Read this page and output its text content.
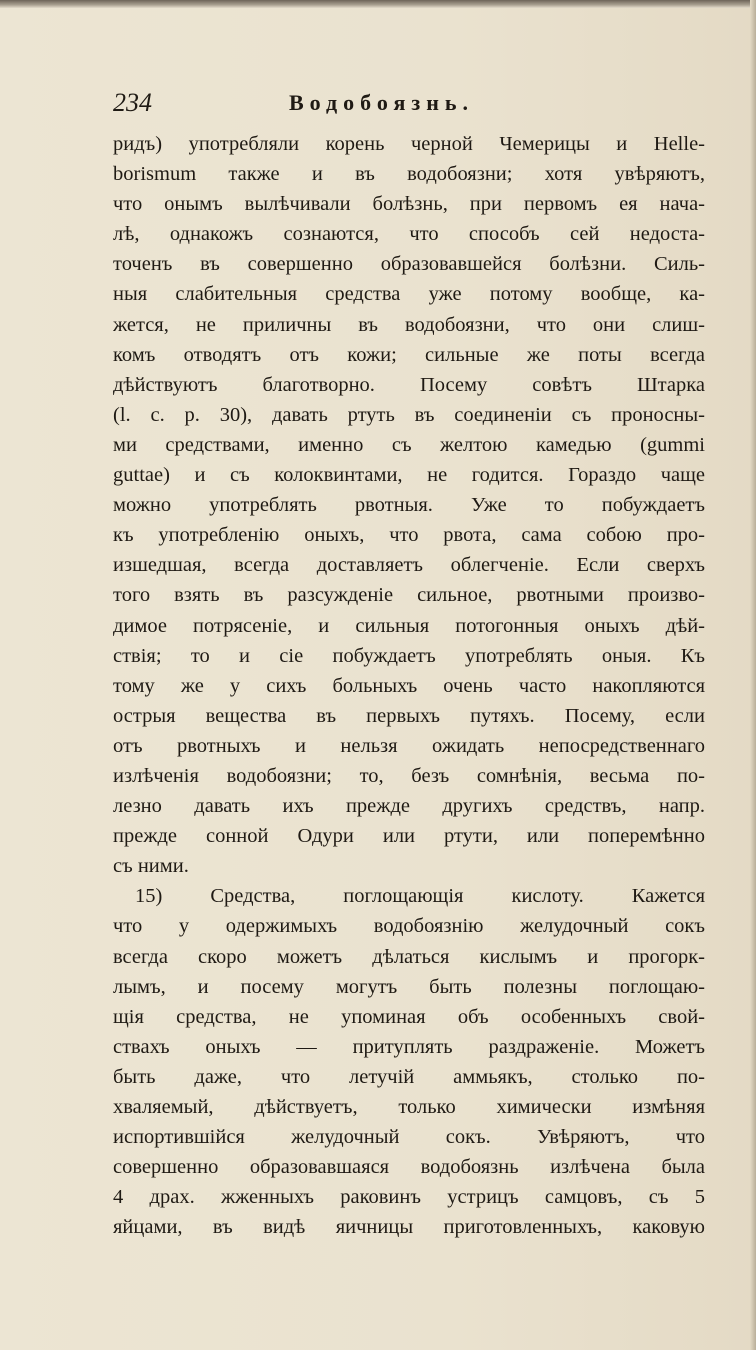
234	Водобоязнь.
ридъ) употребляли корень черной Чемерицы и Helle-
borismum также и въ водобоязни; хотя увѣряютъ,
что онымъ вылѣчивали болѣзнь, при первомъ ея нача-
лѣ, однакожъ сознаются, что способъ сей недоста-
точенъ въ совершенно образовавшейся болѣзни. Силь-
ныя слабительныя средства уже потому вообще, ка-
жется, не приличны въ водобоязни, что они слиш-
комъ отводятъ отъ кожи; сильные же поты всегда
дѣйствуютъ благотворно. Посему совѣтъ Штарка
(l. c. p. 30), давать ртуть въ соединеніи съ проносны-
ми средствами, именно съ желтою камедью (gummi
guttae) и съ колоквинтами, не годится. Гораздо чаще
можно употреблять рвотныя. Уже то побуждаетъ
къ употребленію оныхъ, что рвота, сама собою про-
изшедшая, всегда доставляетъ облегченіе. Если сверхъ
того взять въ разсужденіе сильное, рвотными произво-
димое потрясеніе, и сильныя потогонныя оныхъ дѣй-
ствія; то и сіе побуждаетъ употреблять оныя. Къ
тому же у сихъ больныхъ очень часто накопляются
острыя вещества въ первыхъ путяхъ. Посему, если
отъ рвотныхъ и нельзя ожидать непосредственнаго
излѣченія водобоязни; то, безъ сомнѣнія, весьма по-
лезно давать ихъ прежде другихъ средствъ, напр.
прежде сонной Одури или ртути, или поперемѣнно
съ ними.
15) Средства, поглощающія кислоту. Кажется
что у одержимыхъ водобоязнію желудочный сокъ
всегда скоро можетъ дѣлаться кислымъ и прогорк-
лымъ, и посему могутъ быть полезны поглощаю-
щія средства, не упоминая объ особенныхъ свой-
ствахъ оныхъ — притуплять раздраженіе. Можетъ
быть даже, что летучій аммьякъ, столько по-
хваляемый, дѣйствуетъ, только химически измѣняя
испортившійся желудочный сокъ. Увѣряютъ, что
совершенно образовавшаяся водобоязнь излѣчена была
4 драх. жженныхъ раковинъ устрицъ самцовъ, съ 5
яйцами, въ видѣ яичницы приготовленныхъ, каковую
